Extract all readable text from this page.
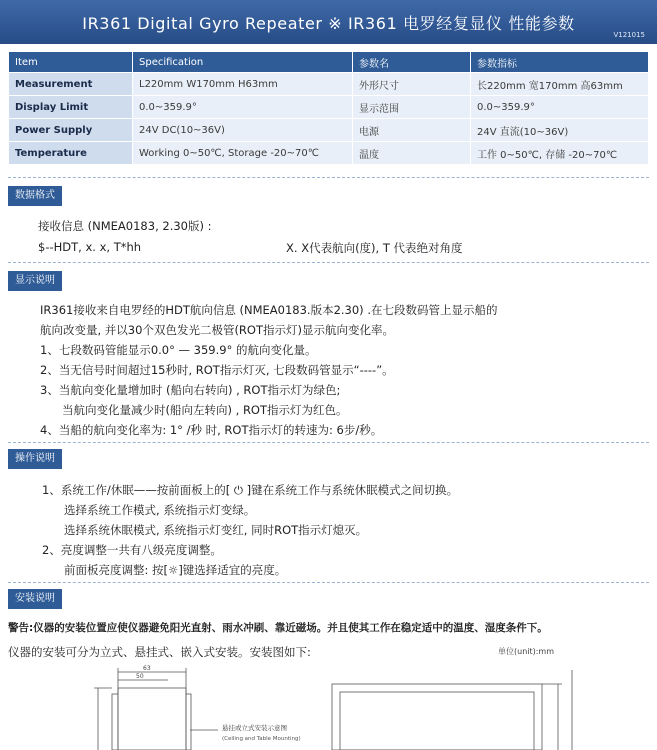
IR361 Digital Gyro Repeater ※ IR361 电罗经复显仪 性能参数
V121015
Item	Specification	参数名	参数指标
Measurement	L220mm W170mm H63mm	外形尺寸	长220mm 宽170mm 高63mm
Display Limit	0.0~359.9°	显示范围	0.0~359.9°
Power Supply	24V DC(10~36V)	电源	24V 直流(10~36V)
Temperature	Working 0~50℃, Storage -20~70℃	温度	工作 0~50℃, 存储 -20~70℃
数据格式
接收信息 (NMEA0183, 2.30版) :
$--HDT, x. x, T*hh	X. X代表航向(度), T 代表绝对角度
显示说明
IR361接收来自电罗经的HDT航向信息 (NMEA0183.版本2.30) .在七段数码管上显示船的
航向改变量, 并以30个双色发光二极管(ROT指示灯)显示航向变化率。
1、七段数码管能显示0.0° — 359.9° 的航向变化量。
2、当无信号时间超过15秒时, ROT指示灯灭, 七段数码管显示“----”。
3、当航向变化量增加时 (船向右转向) , ROT指示灯为绿色;
当航向变化量减少时(船向左转向) , ROT指示灯为红色。
4、当船的航向变化率为: 1° /秒 时, ROT指示灯的转速为: 6步/秒。
操作说明
1、系统工作/休眠——按前面板上的[ ⏻ ]键在系统工作与系统休眠模式之间切换。
选择系统工作模式, 系统指示灯变绿。
选择系统休眠模式, 系统指示灯变红, 同时ROT指示灯熄灭。
2、亮度调整一共有八级亮度调整。
前面板亮度调整: 按[☼]键选择适宜的亮度。
安装说明
警告:仪器的安装位置应使仪器避免阳光直射、雨水冲刷、靠近磁场。并且使其工作在稳定适中的温度、湿度条件下。
仪器的安装可分为立式、悬挂式、嵌入式安装。安装图如下:	单位(unit):mm
63
50
悬挂或立式安装示意图
(Ceiling and Table Mounting)
